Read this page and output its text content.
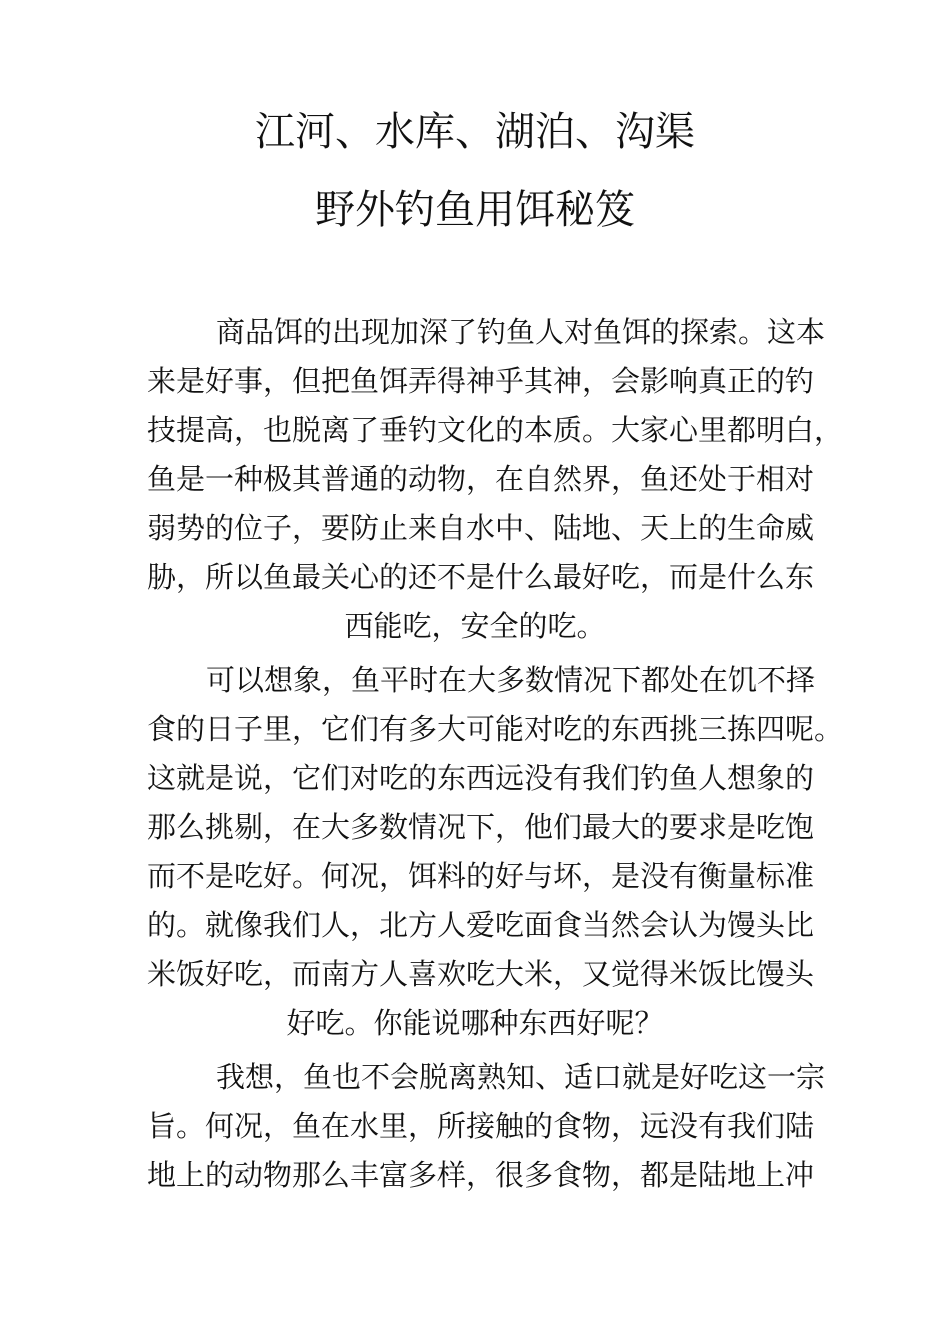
江河、水库、湖泊、沟渠
野外钓鱼用饵秘笈
商品饵的出现加深了钓鱼人对鱼饵的探索。这本
来是好事，但把鱼饵弄得神乎其神，会影响真正的钓
技提高，也脱离了垂钓文化的本质。大家心里都明白，
鱼是一种极其普通的动物，在自然界，鱼还处于相对
弱势的位子，要防止来自水中、陆地、天上的生命威
胁，所以鱼最关心的还不是什么最好吃，而是什么东
西能吃，安全的吃。
可以想象，鱼平时在大多数情况下都处在饥不择
食的日子里，它们有多大可能对吃的东西挑三拣四呢。
这就是说，它们对吃的东西远没有我们钓鱼人想象的
那么挑剔，在大多数情况下，他们最大的要求是吃饱
而不是吃好。何况，饵料的好与坏，是没有衡量标准
的。就像我们人，北方人爱吃面食当然会认为馒头比
米饭好吃，而南方人喜欢吃大米，又觉得米饭比馒头
好吃。你能说哪种东西好呢？
我想，鱼也不会脱离熟知、适口就是好吃这一宗
旨。何况，鱼在水里，所接触的食物，远没有我们陆
地上的动物那么丰富多样，很多食物，都是陆地上冲
